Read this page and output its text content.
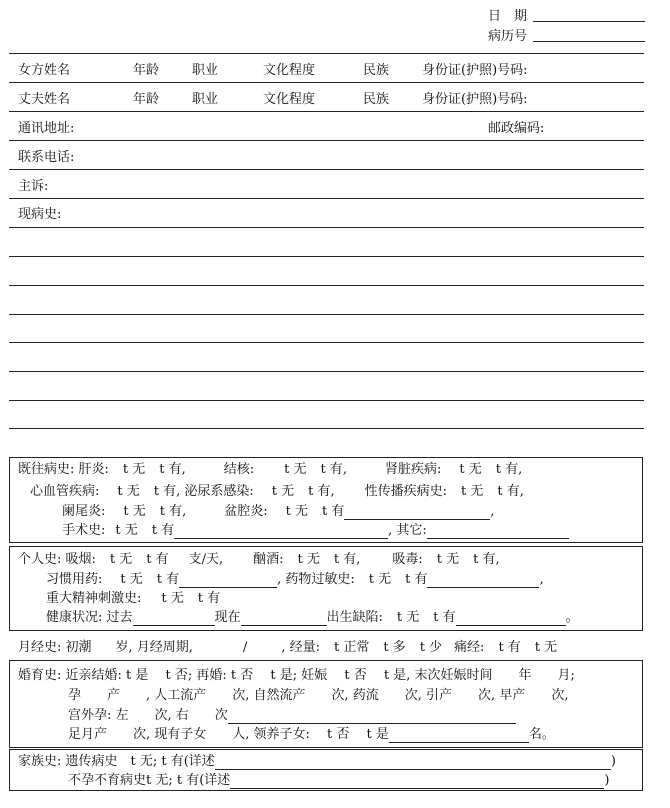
日　期
病历号
女方姓名	年龄	职业	文化程度	民族	身份证(护照)号码:
丈夫姓名	年龄	职业	文化程度	民族	身份证(护照)号码:
通讯地址:	邮政编码:
联系电话:
主诉:
现病史:
既往病史: 肝炎: t 无 t 有,	结核: t 无 t 有,	肾脏疾病: t 无 t 有,
心血管疾病: t 无 t 有, 泌尿系感染: t 无 t 有, 性传播疾病史: t 无 t 有,
阑尾炎: t 无 t 有,	盆腔炎: t 无 t 有	,
手术史: t 无 t 有	, 其它:
个人史: 吸烟: t 无 t 有 支/天, 酗酒: t 无 t 有, 吸毒: t 无 t 有,
习惯用药: t 无 t 有	, 药物过敏史: t 无 t 有	,
重大精神刺激史: t 无 t 有
健康状况: 过去	现在	出生缺陷: t 无 t 有	。
月经史: 初潮 岁, 月经周期,	/	, 经量: t 正常 t 多 t 少 痛经: t 有 t 无
婚育史: 近亲结婚: t 是　 t 否; 再婚: t 否　 t 是; 妊娠　 t 否　 t 是, 末次妊娠时间　　年　　月;
孕　　产　　, 人工流产　　次, 自然流产　　次, 药流　　次, 引产　　次, 早产　　次,
宫外孕: 左　　次, 右　　次
足月产　　次, 现有子女　　人, 领养子女:　 t 否　 t 是	名。
家族史: 遗传病史　t 无; t 有(详述	)
不孕不育病史t 无; t 有(详述	)
